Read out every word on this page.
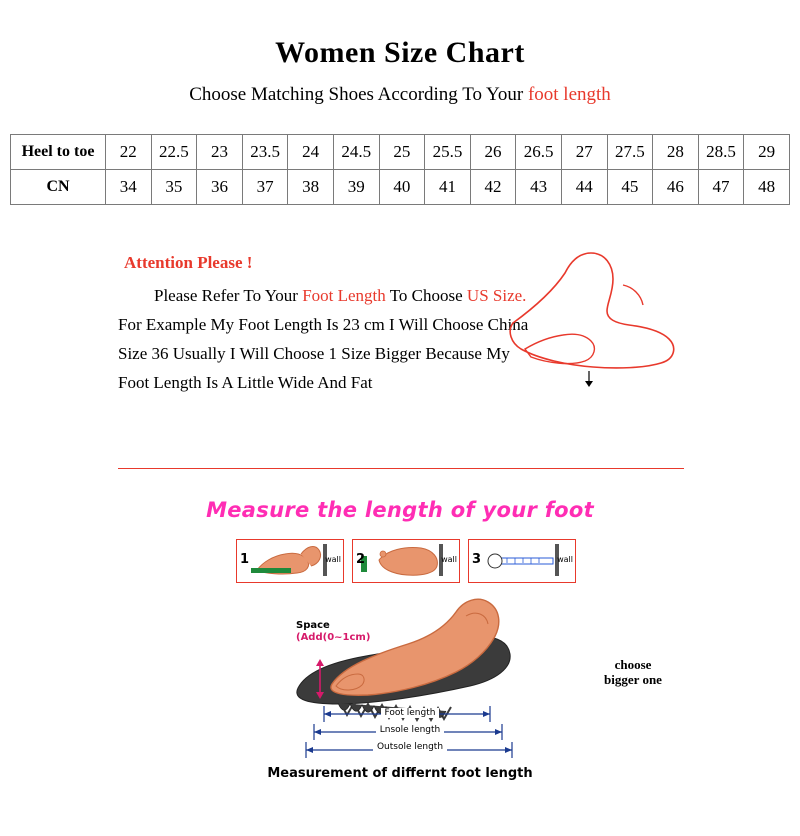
Women Size Chart
Choose Matching Shoes According To Your foot length
Heel to toe	22	22.5	23	23.5	24	24.5	25	25.5	26	26.5	27	27.5	28	28.5	29
CN	34	35	36	37	38	39	40	41	42	43	44	45	46	47	48
Attention Please !
Please Refer To Your Foot Length To Choose US Size.
For Example My Foot Length Is 23 cm I Will Choose China
Size 36 Usually I Will Choose 1 Size Bigger Because My
Foot Length Is A Little Wide And Fat
choose
bigger one
Measure the length of your foot
1	wall 2	wall 3	wall
Space
(Add(0~1cm)
Foot length
Lnsole length
Outsole length
Measurement of differnt foot length
